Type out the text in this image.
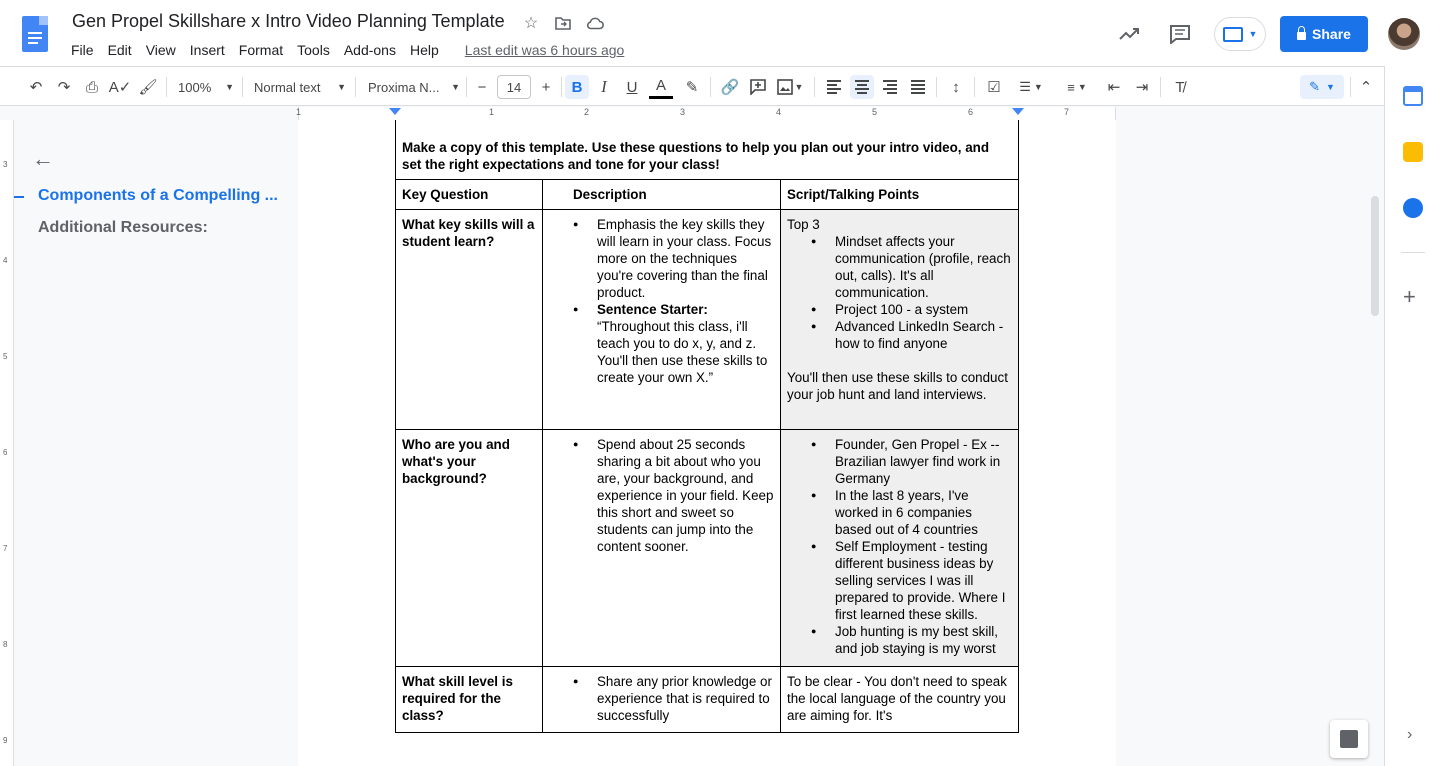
Gen Propel Skillshare x Intro Video Planning Template ☆
File	Edit	View	Insert	Format	Tools	Add-ons	Help	Last edit was 6 hours ago
▼	Share
↶	↷	⎙ A✓ 🖌 100% ▼ Normal text ▼ Proxima N... ▼	−	14	+	B	I	U	A	✎	🔗	▼	↕	☑	☰ ▼ ≡ ▼	⇤	⇥	T̸	✎ ▼	⌃
1	1	2	3	4	5	6	7
3
4
5
6
7
8
9
←
Components of a Compelling ...
Additional Resources:
Make a copy of this template. Use these questions to help you plan out your intro video, and set the right expectations and tone for your class!
Key Question	Description	Script/Talking Points
What key skills will a student learn?
● Emphasis the key skills they will learn in your class. Focus more on the techniques you're covering than the final product.
● Sentence Starter:
“Throughout this class, i'll teach you to do x, y, and z. You'll then use these skills to create your own X.”
Top 3
● Mindset affects your communication (profile, reach out, calls). It's all communication.
● Project 100 - a system
● Advanced LinkedIn Search - how to find anyone
You'll then use these skills to conduct your job hunt and land interviews.
Who are you and what's your background?
● Spend about 25 seconds sharing a bit about who you are, your background, and experience in your field. Keep this short and sweet so students can jump into the content sooner.
● Founder, Gen Propel - Ex -- Brazilian lawyer find work in Germany
● In the last 8 years, I've worked in 6 companies based out of 4 countries
● Self Employment - testing different business ideas by selling services I was ill prepared to provide. Where I first learned these skills.
● Job hunting is my best skill, and job staying is my worst
What skill level is required for the class?
● Share any prior knowledge or experience that is required to successfully
To be clear - You don't need to speak the local language of the country you are aiming for. It's
+
›
